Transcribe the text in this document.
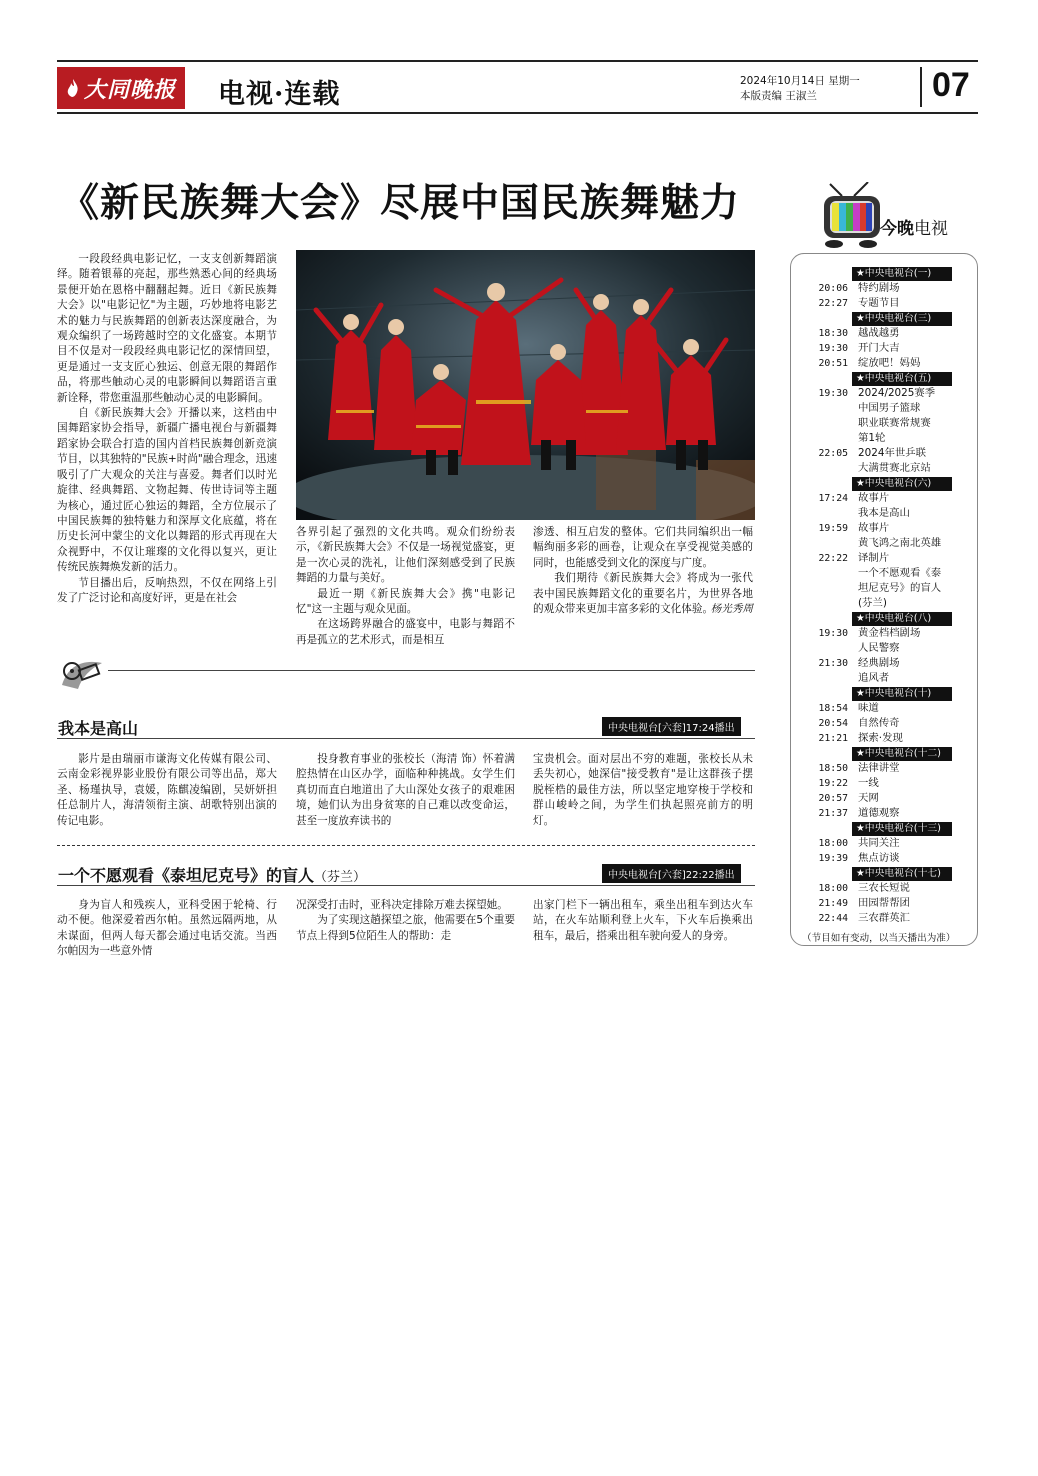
大同晚报 电视·连载	2024年10月14日 星期一
本版责编 王淑兰	07
《新民族舞大会》尽展中国民族舞魅力

一段段经典电影记忆，一支支创新舞蹈演绎。随着银幕的亮起，那些熟悉心间的经典场景便开始在恩格中翻翻起舞。近日《新民族舞大会》以"电影记忆"为主题，巧妙地将电影艺术的魅力与民族舞蹈的创新表达深度融合，为观众编织了一场跨越时空的文化盛宴。本期节目不仅是对一段段经典电影记忆的深情回望，更是通过一支支匠心独运、创意无限的舞蹈作品，将那些触动心灵的电影瞬间以舞蹈语言重新诠释，带您重温那些触动心灵的电影瞬间。

自《新民族舞大会》开播以来，这档由中国舞蹈家协会指导，新疆广播电视台与新疆舞蹈家协会联合打造的国内首档民族舞创新竞演节目，以其独特的"民族+时尚"融合理念，迅速吸引了广大观众的关注与喜爱。舞者们以时光旋律、经典舞蹈、文物起舞、传世诗词等主题为核心，通过匠心独运的舞蹈，全方位展示了中国民族舞的独特魅力和深厚文化底蕴，将在历史长河中蒙尘的文化以舞蹈的形式再现在大众视野中，不仅让璀璨的文化得以复兴，更让传统民族舞焕发新的活力。

节目播出后，反响热烈，不仅在网络上引发了广泛讨论和高度好评，更是在社会

各界引起了强烈的文化共鸣。观众们纷纷表示，《新民族舞大会》不仅是一场视觉盛宴，更是一次心灵的洗礼，让他们深刻感受到了民族舞蹈的力量与美好。

最近一期《新民族舞大会》携"电影记忆"这一主题与观众见面。

在这场跨界融合的盛宴中，电影与舞蹈不再是孤立的艺术形式，而是相互

渗透、相互启发的整体。它们共同编织出一幅幅绚丽多彩的画卷，让观众在享受视觉美感的同时，也能感受到文化的深度与广度。

我们期待《新民族舞大会》将成为一张代表中国民族舞蹈文化的重要名片，为世界各地的观众带来更加丰富多彩的文化体验。

杨光秀周
我本是高山	中央电视台[六套]17:24播出

影片是由瑞丽市谦海文化传媒有限公司、云南金彩视界影业股份有限公司等出品，郑大圣、杨瑾执导，袁媛，陈麒凌编剧，吴妍妍担任总制片人，海清领衔主演、胡歌特别出演的传记电影。

投身教育事业的张校长（海清 饰）怀着满腔热情在山区办学，面临种种挑战。女学生们真切而直白地道出了大山深处女孩子的艰难困境，她们认为出身贫寒的自己难以改变命运，甚至一度放弃读书的

宝贵机会。面对层出不穷的难题，张校长从未丢失初心，她深信"接受教育"是让这群孩子摆脱桎梏的最佳方法，所以坚定地穿梭于学校和群山峻岭之间，为学生们执起照亮前方的明灯。

一个不愿观看《泰坦尼克号》的盲人（芬兰）	中央电视台[六套]22:22播出

身为盲人和残疾人，亚科受困于轮椅、行动不便。他深爱着西尔帕。虽然远隔两地，从未谋面，但两人每天都会通过电话交流。当西尔帕因为一些意外情

况深受打击时，亚科决定排除万难去探望她。

为了实现这趟探望之旅，他需要在5个重要节点上得到5位陌生人的帮助：走

出家门栏下一辆出租车，乘坐出租车到达火车站，在火车站顺利登上火车，下火车后换乘出租车，最后，搭乘出租车驶向爱人的身旁。

今晚电视
★中央电视台(一)
20:06 特约剧场
22:27 专题节目
★中央电视台(三)
18:30 越战越勇
19:30 开门大吉
20:51 绽放吧！妈妈
★中央电视台(五)
19:30 2024/2025赛季
中国男子篮球
职业联赛常规赛
第1轮
22:05 2024年世乒联
大满贯赛北京站
★中央电视台(六)
17:24 故事片
我本是高山
19:59 故事片
黄飞鸿之南北英雄
22:22 译制片
一个不愿观看《泰
坦尼克号》的盲人
(芬兰)
★中央电视台(八)
19:30 黄金档档剧场
人民警察
21:30 经典剧场
追风者
★中央电视台(十)
18:54 味道
20:54 自然传奇
21:21 探索·发现
★中央电视台(十二)
18:50 法律讲堂
19:22 一线
20:57 天网
21:37 道德观察
★中央电视台(十三)
18:00 共同关注
19:39 焦点访谈
★中央电视台(十七)
18:00 三农长短说
21:49 田园帮帮团
22:44 三农群英汇
（节目如有变动，以当天播出为准）
